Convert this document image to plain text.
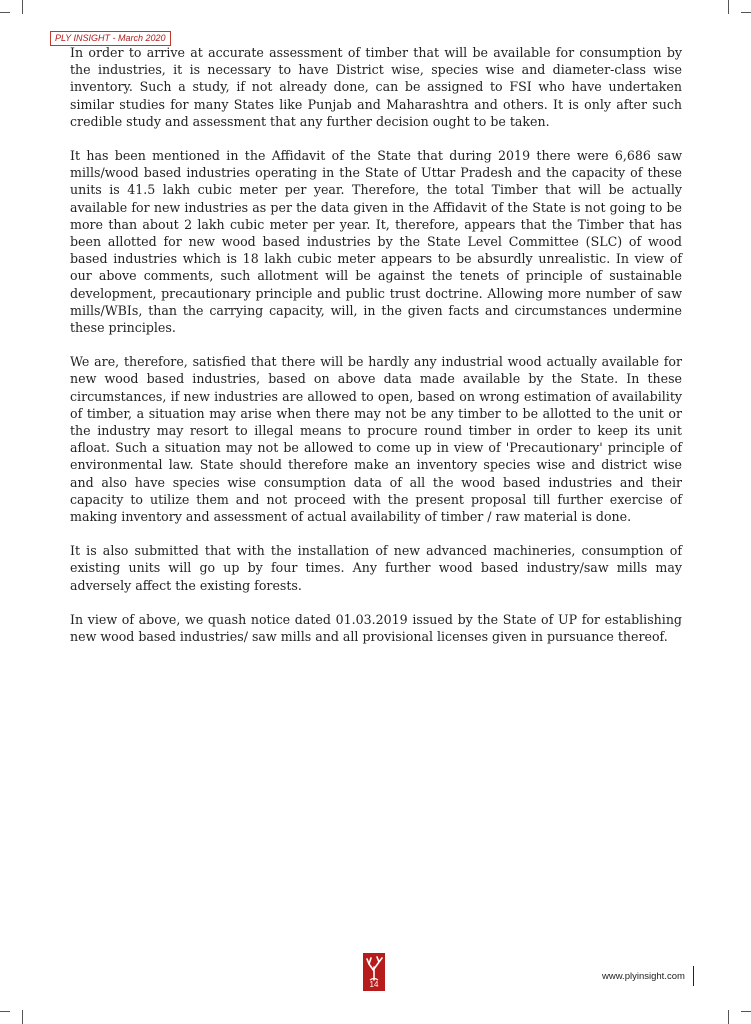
PLY INSIGHT - March 2020

In order to arrive at accurate assessment of timber that will be available for consumption by the industries, it is necessary to have District wise, species wise and diameter-class wise inventory. Such a study, if not already done, can be assigned to FSI who have undertaken similar studies for many States like Punjab and Maharashtra and others. It is only after such credible study and assessment that any further decision ought to be taken.

It has been mentioned in the Affidavit of the State that during 2019 there were 6,686 saw mills/wood based industries operating in the State of Uttar Pradesh and the capacity of these units is 41.5 lakh cubic meter per year. Therefore, the total Timber that will be actually available for new industries as per the data given in the Affidavit of the State is not going to be more than about 2 lakh cubic meter per year. It, therefore, appears that the Timber that has been allotted for new wood based industries by the State Level Committee (SLC) of wood based industries which is 18 lakh cubic meter appears to be absurdly unrealistic. In view of our above comments, such allotment will be against the tenets of principle of sustainable development, precautionary principle and public trust doctrine. Allowing more number of saw mills/WBIs, than the carrying capacity, will, in the given facts and circumstances undermine these principles.

We are, therefore, satisfied that there will be hardly any industrial wood actually available for new wood based industries, based on above data made available by the State. In these circumstances, if new industries are allowed to open, based on wrong estimation of availability of timber, a situation may arise when there may not be any timber to be allotted to the unit or the industry may resort to illegal means to procure round timber in order to keep its unit afloat. Such a situation may not be allowed to come up in view of 'Precautionary' principle of environmental law. State should therefore make an inventory species wise and district wise and also have species wise consumption data of all the wood based industries and their capacity to utilize them and not proceed with the present proposal till further exercise of making inventory and assessment of actual availability of timber / raw material is done.

It is also submitted that with the installation of new advanced machineries, consumption of existing units will go up by four times. Any further wood based industry/saw mills may adversely affect the existing forests.

In view of above, we quash notice dated 01.03.2019 issued by the State of UP for establishing new wood based industries/ saw mills and all provisional licenses given in pursuance thereof.

14
www.plyinsight.com
